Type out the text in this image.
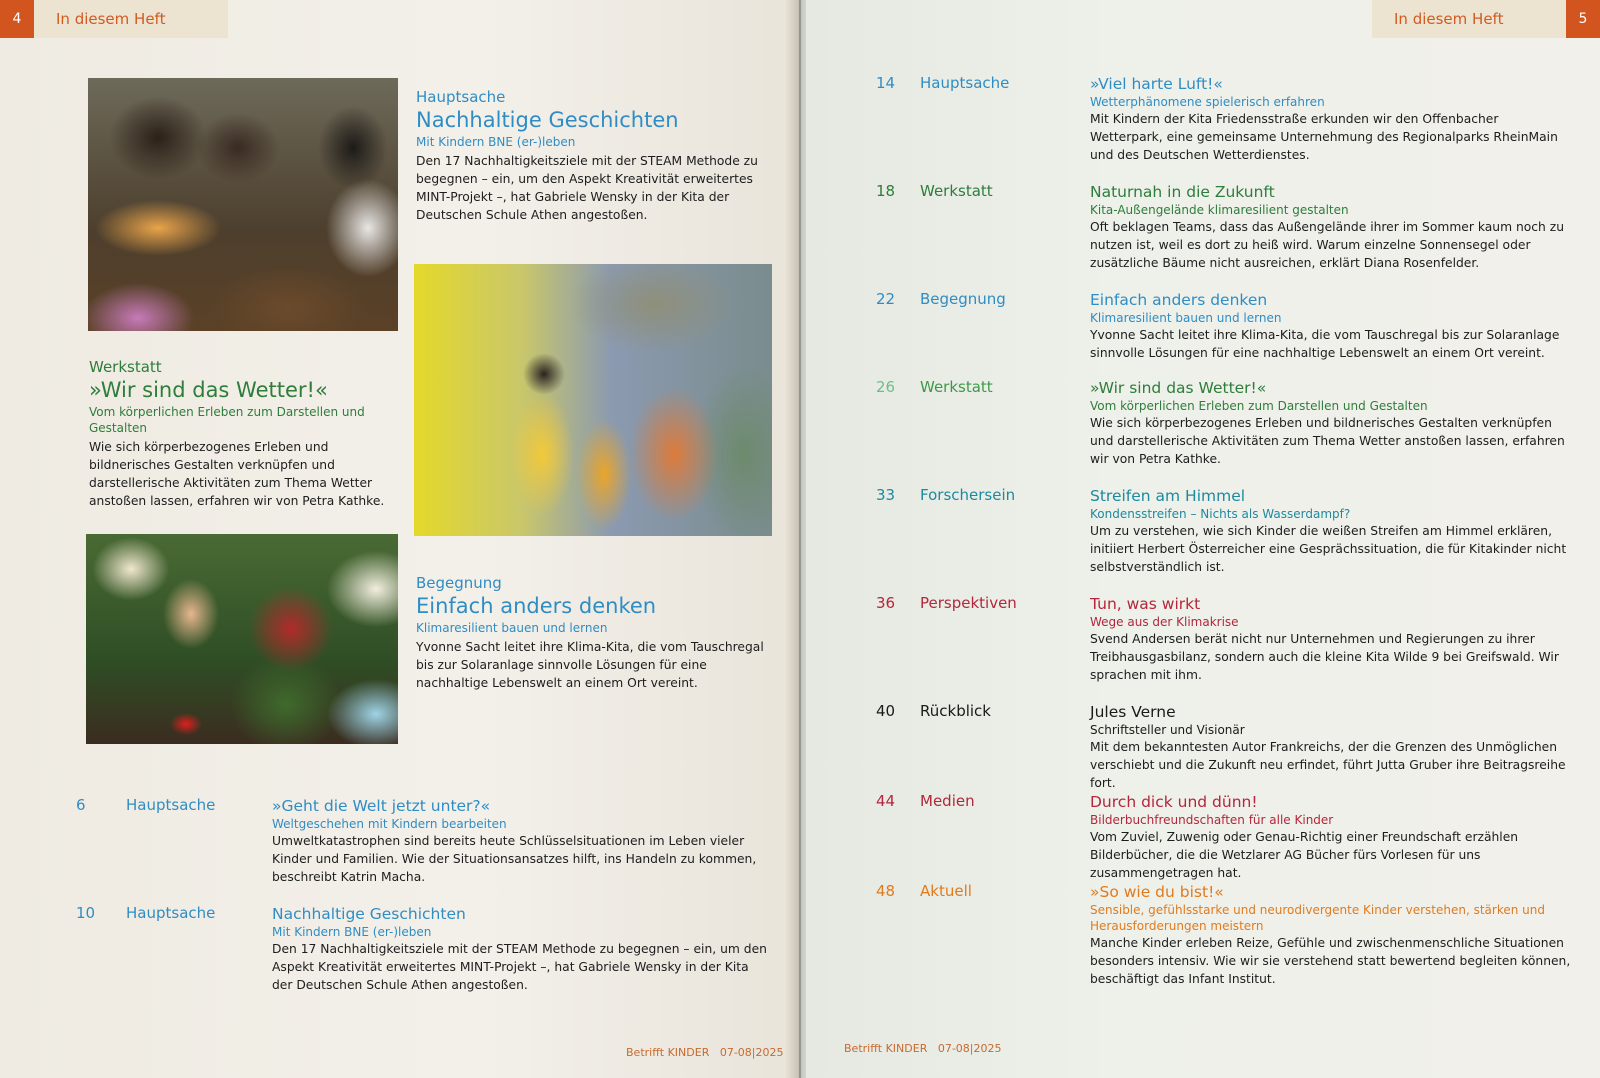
4	In diesem Heft
Hauptsache
Nachhaltige Geschichten
Mit Kindern BNE (er-)leben
Den 17 Nachhaltigkeitsziele mit der STEAM Methode zu begegnen – ein, um den Aspekt Kreativität erweitertes MINT-Projekt –, hat Gabriele Wensky in der Kita der Deutschen Schule Athen angestoßen.
Werkstatt
»Wir sind das Wetter!«
Vom körperlichen Erleben zum Darstellen und Gestalten
Wie sich körperbezogenes Erleben und bildnerisches Gestalten verknüpfen und darstellerische Aktivitäten zum Thema Wetter anstoßen lassen, erfahren wir von Petra Kathke.
Begegnung
Einfach anders denken
Klimaresilient bauen und lernen
Yvonne Sacht leitet ihre Klima-Kita, die vom Tauschregal bis zur Solaranlage sinnvolle Lösungen für eine nachhaltige Lebenswelt an einem Ort vereint.
6	Hauptsache	»Geht die Welt jetzt unter?«
Weltgeschehen mit Kindern bearbeiten
Umweltkatastrophen sind bereits heute Schlüsselsituationen im Leben vieler Kinder und Familien. Wie der Situationsansatzes hilft, ins Handeln zu kommen, beschreibt Katrin Macha.
10 Hauptsache	Nachhaltige Geschichten
Mit Kindern BNE (er-)leben
Den 17 Nachhaltigkeitsziele mit der STEAM Methode zu begegnen – ein, um den Aspekt Kreativität erweitertes MINT-Projekt –, hat Gabriele Wensky in der Kita der Deutschen Schule Athen angestoßen.
Betrifft KINDER   07-08|2025
In diesem Heft	5
14 Hauptsache	»Viel harte Luft!«
Wetterphänomene spielerisch erfahren
Mit Kindern der Kita Friedensstraße erkunden wir den Offenbacher Wetterpark, eine gemeinsame Unternehmung des Regionalparks RheinMain und des Deutschen Wetterdienstes.
18 Werkstatt	Naturnah in die Zukunft
Kita-Außengelände klimaresilient gestalten
Oft beklagen Teams, dass das Außengelände ihrer im Sommer kaum noch zu nutzen ist, weil es dort zu heiß wird. Warum einzelne Sonnensegel oder zusätzliche Bäume nicht ausreichen, erklärt Diana Rosenfelder.
22 Begegnung	Einfach anders denken
Klimaresilient bauen und lernen
Yvonne Sacht leitet ihre Klima-Kita, die vom Tauschregal bis zur Solaranlage sinnvolle Lösungen für eine nachhaltige Lebenswelt an einem Ort vereint.
26 Werkstatt	»Wir sind das Wetter!«
Vom körperlichen Erleben zum Darstellen und Gestalten
Wie sich körperbezogenes Erleben und bildnerisches Gestalten verknüpfen und darstellerische Aktivitäten zum Thema Wetter anstoßen lassen, erfahren wir von Petra Kathke.
33 Forschersein	Streifen am Himmel
Kondensstreifen – Nichts als Wasserdampf?
Um zu verstehen, wie sich Kinder die weißen Streifen am Himmel erklären, initiiert Herbert Österreicher eine Gesprächssituation, die für Kitakinder nicht selbstverständlich ist.
36 Perspektiven	Tun, was wirkt
Wege aus der Klimakrise
Svend Andersen berät nicht nur Unternehmen und Regierungen zu ihrer Treibhausgasbilanz, sondern auch die kleine Kita Wilde 9 bei Greifswald. Wir sprachen mit ihm.
40 Rückblick	Jules Verne
Schriftsteller und Visionär
Mit dem bekanntesten Autor Frankreichs, der die Grenzen des Unmöglichen verschiebt und die Zukunft neu erfindet, führt Jutta Gruber ihre Beitragsreihe fort.
44 Medien	Durch dick und dünn!
Bilderbuchfreundschaften für alle Kinder
Vom Zuviel, Zuwenig oder Genau-Richtig einer Freundschaft erzählen Bilderbücher, die die Wetzlarer AG Bücher fürs Vorlesen für uns zusammengetragen hat.
48 Aktuell	»So wie du bist!«
Sensible, gefühlsstarke und neurodivergente Kinder verstehen, stärken und Herausforderungen meistern
Manche Kinder erleben Reize, Gefühle und zwischenmenschliche Situationen besonders intensiv. Wie wir sie verstehend statt bewertend begleiten können, beschäftigt das Infant Institut.
Betrifft KINDER   07-08|2025
